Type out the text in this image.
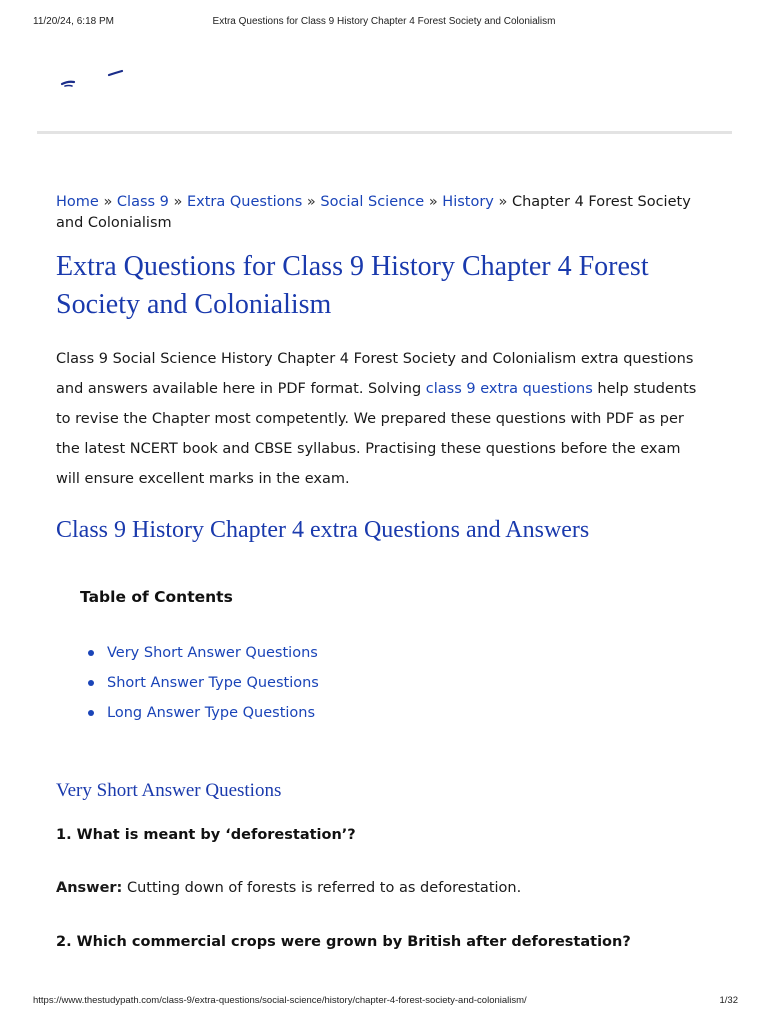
11/20/24, 6:18 PM	Extra Questions for Class 9 History Chapter 4 Forest Society and Colonialism
Home » Class 9 » Extra Questions » Social Science » History » Chapter 4 Forest Society and Colonialism
Extra Questions for Class 9 History Chapter 4 Forest Society and Colonialism

Class 9 Social Science History Chapter 4 Forest Society and Colonialism extra questions and answers available here in PDF format. Solving class 9 extra questions help students to revise the Chapter most competently. We prepared these questions with PDF as per the latest NCERT book and CBSE syllabus. Practising these questions before the exam will ensure excellent marks in the exam.

Class 9 History Chapter 4 extra Questions and Answers
Table of Contents
Very Short Answer Questions
Short Answer Type Questions
Long Answer Type Questions
Very Short Answer Questions
1. What is meant by ‘deforestation’?
Answer: Cutting down of forests is referred to as deforestation.
2. Which commercial crops were grown by British after deforestation?
https://www.thestudypath.com/class-9/extra-questions/social-science/history/chapter-4-forest-society-and-colonialism/	1/32
